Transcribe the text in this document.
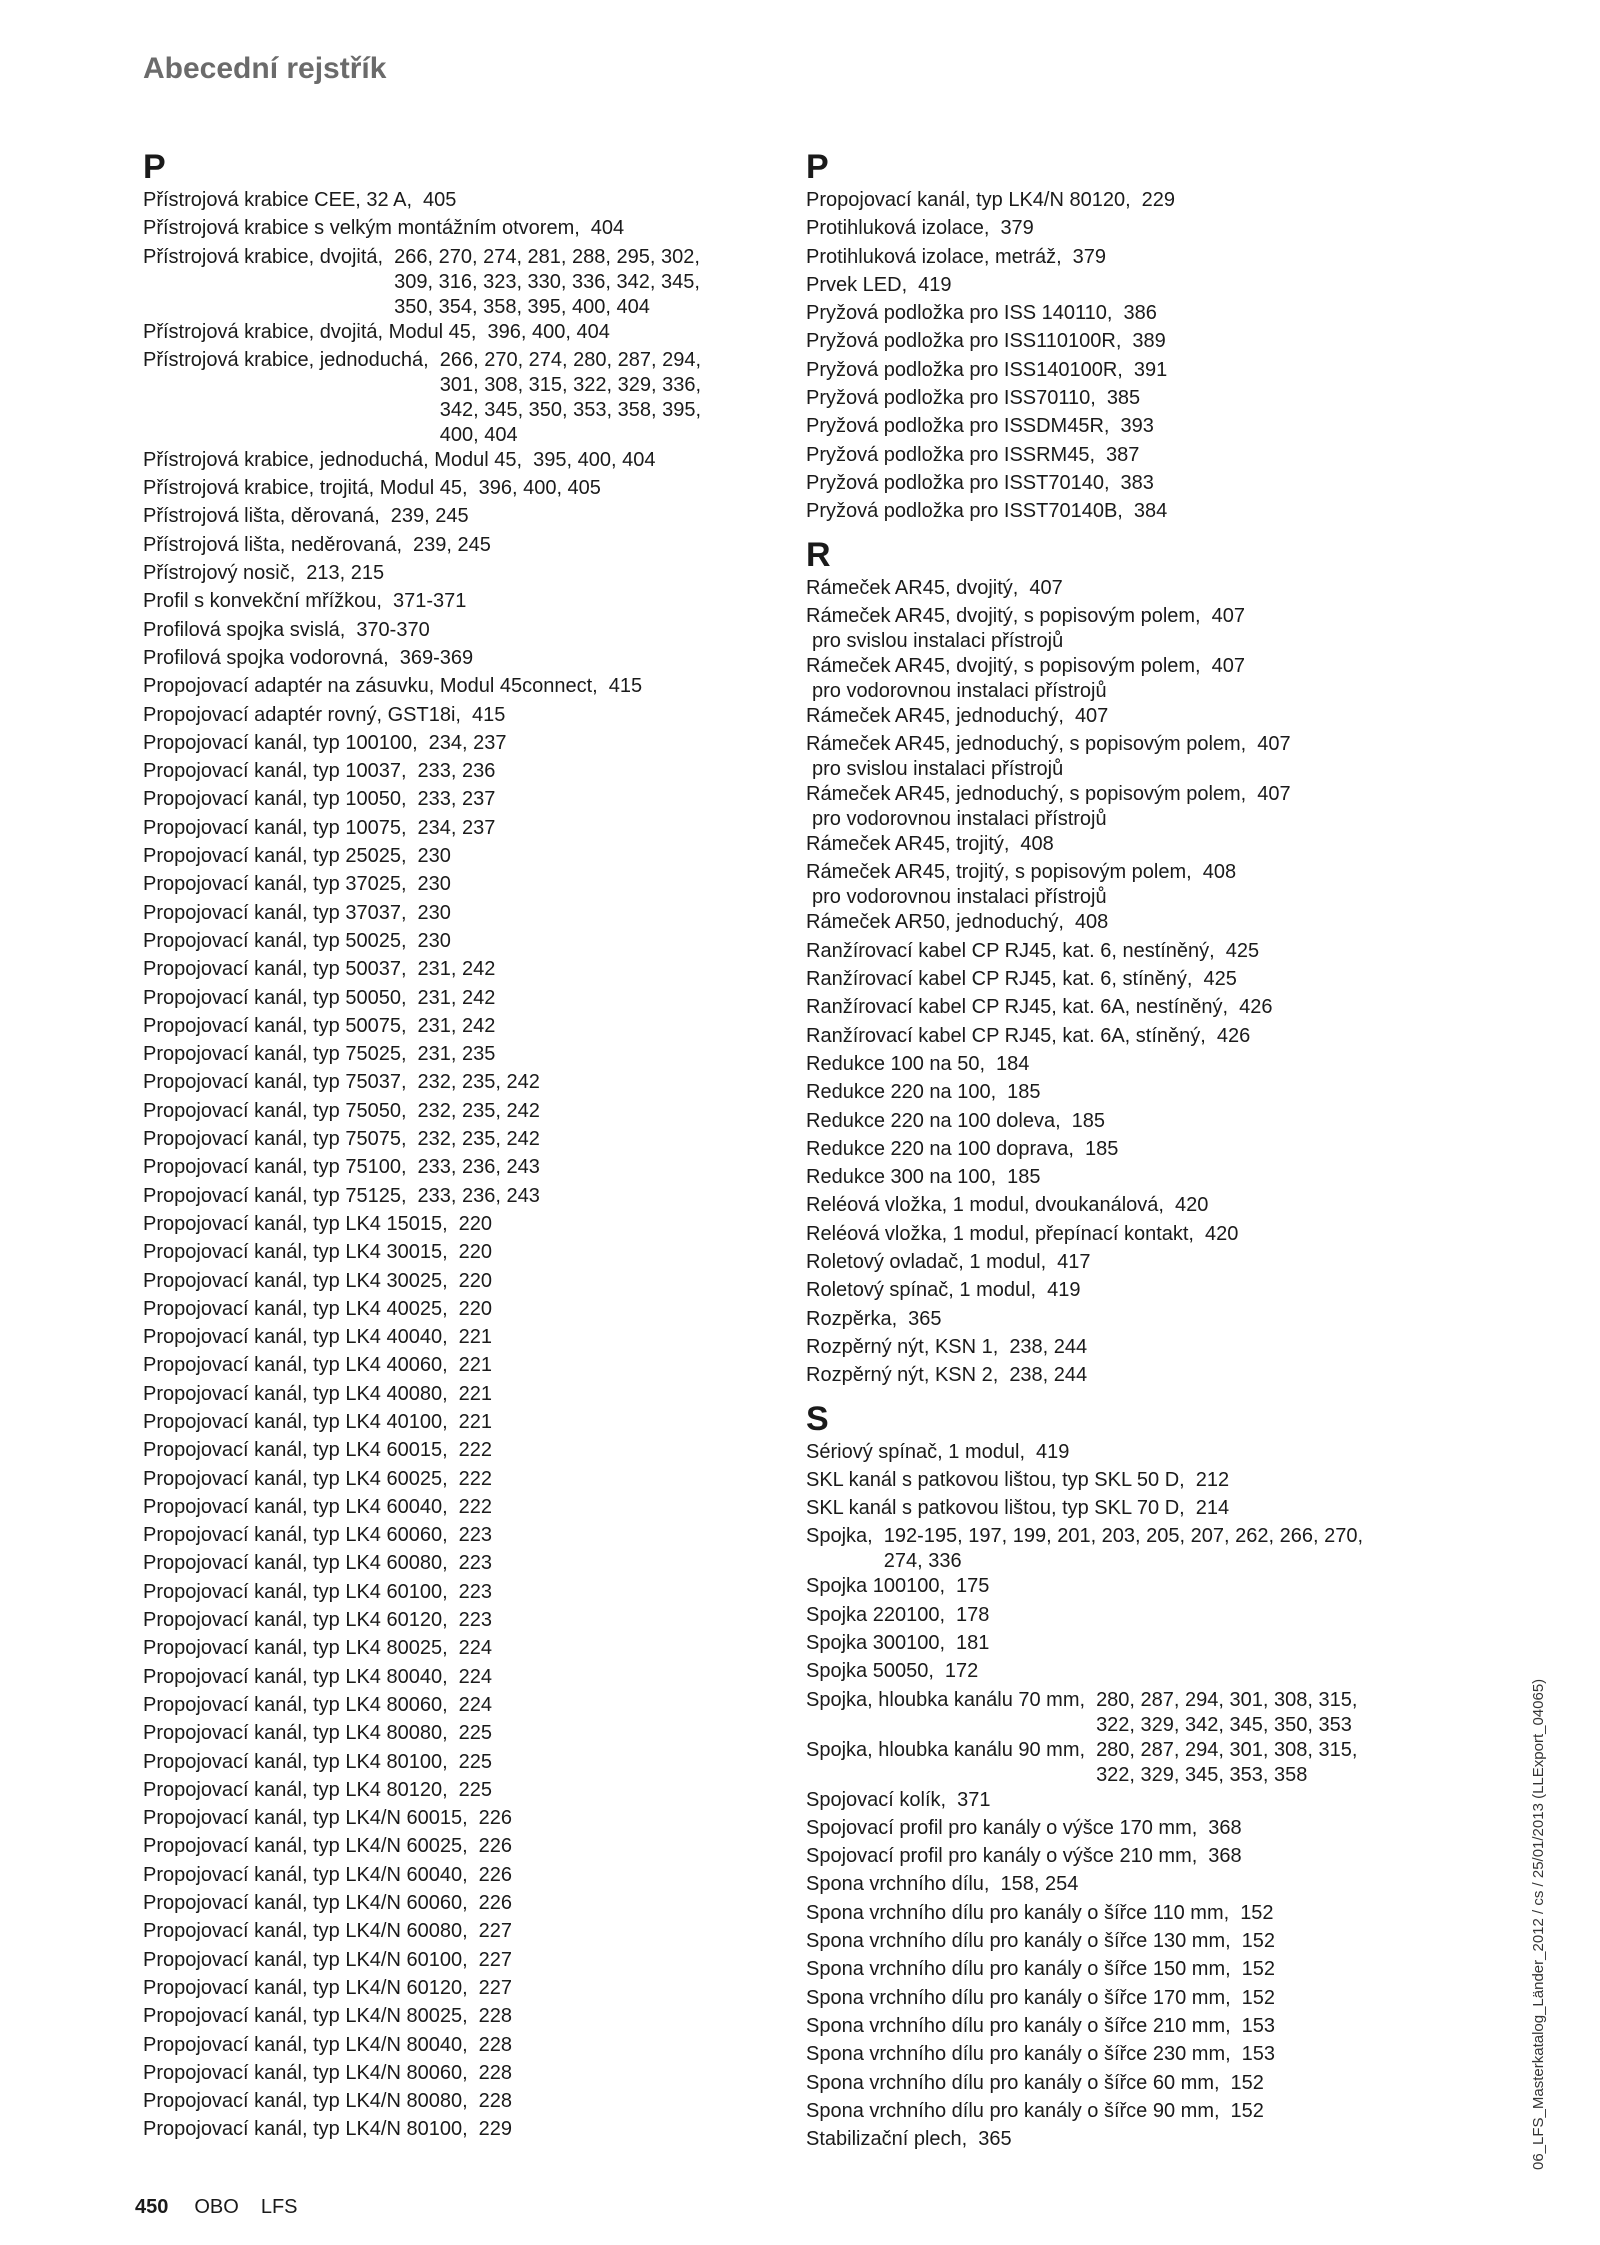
Abecední rejstřík
P
Přístrojová krabice CEE, 32 A, 405
Přístrojová krabice s velkým montážním otvorem, 404
Přístrojová krabice, dvojitá, 266, 270, 274, 281, 288, 295, 302,
309, 316, 323, 330, 336, 342, 345,
350, 354, 358, 395, 400, 404
Přístrojová krabice, dvojitá, Modul 45, 396, 400, 404
Přístrojová krabice, jednoduchá, 266, 270, 274, 280, 287, 294,
301, 308, 315, 322, 329, 336,
342, 345, 350, 353, 358, 395,
400, 404
Přístrojová krabice, jednoduchá, Modul 45, 395, 400, 404
Přístrojová krabice, trojitá, Modul 45, 396, 400, 405
Přístrojová lišta, děrovaná, 239, 245
Přístrojová lišta, neděrovaná, 239, 245
Přístrojový nosič, 213, 215
Profil s konvekční mřížkou, 371-371
Profilová spojka svislá, 370-370
Profilová spojka vodorovná, 369-369
Propojovací adaptér na zásuvku, Modul 45connect, 415
Propojovací adaptér rovný, GST18i, 415
Propojovací kanál, typ 100100, 234, 237
Propojovací kanál, typ 10037, 233, 236
Propojovací kanál, typ 10050, 233, 237
Propojovací kanál, typ 10075, 234, 237
Propojovací kanál, typ 25025, 230
Propojovací kanál, typ 37025, 230
Propojovací kanál, typ 37037, 230
Propojovací kanál, typ 50025, 230
Propojovací kanál, typ 50037, 231, 242
Propojovací kanál, typ 50050, 231, 242
Propojovací kanál, typ 50075, 231, 242
Propojovací kanál, typ 75025, 231, 235
Propojovací kanál, typ 75037, 232, 235, 242
Propojovací kanál, typ 75050, 232, 235, 242
Propojovací kanál, typ 75075, 232, 235, 242
Propojovací kanál, typ 75100, 233, 236, 243
Propojovací kanál, typ 75125, 233, 236, 243
Propojovací kanál, typ LK4 15015, 220
Propojovací kanál, typ LK4 30015, 220
Propojovací kanál, typ LK4 30025, 220
Propojovací kanál, typ LK4 40025, 220
Propojovací kanál, typ LK4 40040, 221
Propojovací kanál, typ LK4 40060, 221
Propojovací kanál, typ LK4 40080, 221
Propojovací kanál, typ LK4 40100, 221
Propojovací kanál, typ LK4 60015, 222
Propojovací kanál, typ LK4 60025, 222
Propojovací kanál, typ LK4 60040, 222
Propojovací kanál, typ LK4 60060, 223
Propojovací kanál, typ LK4 60080, 223
Propojovací kanál, typ LK4 60100, 223
Propojovací kanál, typ LK4 60120, 223
Propojovací kanál, typ LK4 80025, 224
Propojovací kanál, typ LK4 80040, 224
Propojovací kanál, typ LK4 80060, 224
Propojovací kanál, typ LK4 80080, 225
Propojovací kanál, typ LK4 80100, 225
Propojovací kanál, typ LK4 80120, 225
Propojovací kanál, typ LK4/N 60015, 226
Propojovací kanál, typ LK4/N 60025, 226
Propojovací kanál, typ LK4/N 60040, 226
Propojovací kanál, typ LK4/N 60060, 226
Propojovací kanál, typ LK4/N 60080, 227
Propojovací kanál, typ LK4/N 60100, 227
Propojovací kanál, typ LK4/N 60120, 227
Propojovací kanál, typ LK4/N 80025, 228
Propojovací kanál, typ LK4/N 80040, 228
Propojovací kanál, typ LK4/N 80060, 228
Propojovací kanál, typ LK4/N 80080, 228
Propojovací kanál, typ LK4/N 80100, 229
P
Propojovací kanál, typ LK4/N 80120, 229
Protihluková izolace, 379
Protihluková izolace, metráž, 379
Prvek LED, 419
Pryžová podložka pro ISS 140110, 386
Pryžová podložka pro ISS110100R, 389
Pryžová podložka pro ISS140100R, 391
Pryžová podložka pro ISS70110, 385
Pryžová podložka pro ISSDM45R, 393
Pryžová podložka pro ISSRM45, 387
Pryžová podložka pro ISST70140, 383
Pryžová podložka pro ISST70140B, 384
R
Rámeček AR45, dvojitý, 407
Rámeček AR45, dvojitý, s popisovým polem, 407
pro svislou instalaci přístrojů
Rámeček AR45, dvojitý, s popisovým polem, 407
pro vodorovnou instalaci přístrojů
Rámeček AR45, jednoduchý, 407
Rámeček AR45, jednoduchý, s popisovým polem, 407
pro svislou instalaci přístrojů
Rámeček AR45, jednoduchý, s popisovým polem, 407
pro vodorovnou instalaci přístrojů
Rámeček AR45, trojitý, 408
Rámeček AR45, trojitý, s popisovým polem, 408
pro vodorovnou instalaci přístrojů
Rámeček AR50, jednoduchý, 408
Ranžírovací kabel CP RJ45, kat. 6, nestíněný, 425
Ranžírovací kabel CP RJ45, kat. 6, stíněný, 425
Ranžírovací kabel CP RJ45, kat. 6A, nestíněný, 426
Ranžírovací kabel CP RJ45, kat. 6A, stíněný, 426
Redukce 100 na 50, 184
Redukce 220 na 100, 185
Redukce 220 na 100 doleva, 185
Redukce 220 na 100 doprava, 185
Redukce 300 na 100, 185
Reléová vložka, 1 modul, dvoukanálová, 420
Reléová vložka, 1 modul, přepínací kontakt, 420
Roletový ovladač, 1 modul, 417
Roletový spínač, 1 modul, 419
Rozpěrka, 365
Rozpěrný nýt, KSN 1, 238, 244
Rozpěrný nýt, KSN 2, 238, 244
S
Sériový spínač, 1 modul, 419
SKL kanál s patkovou lištou, typ SKL 50 D, 212
SKL kanál s patkovou lištou, typ SKL 70 D, 214
Spojka, 192-195, 197, 199, 201, 203, 205, 207, 262, 266, 270,
274, 336
Spojka 100100, 175
Spojka 220100, 178
Spojka 300100, 181
Spojka 50050, 172
Spojka, hloubka kanálu 70 mm, 280, 287, 294, 301, 308, 315,
322, 329, 342, 345, 350, 353
Spojka, hloubka kanálu 90 mm, 280, 287, 294, 301, 308, 315,
322, 329, 345, 353, 358
Spojovací kolík, 371
Spojovací profil pro kanály o výšce 170 mm, 368
Spojovací profil pro kanály o výšce 210 mm, 368
Spona vrchního dílu, 158, 254
Spona vrchního dílu pro kanály o šířce 110 mm, 152
Spona vrchního dílu pro kanály o šířce 130 mm, 152
Spona vrchního dílu pro kanály o šířce 150 mm, 152
Spona vrchního dílu pro kanály o šířce 170 mm, 152
Spona vrchního dílu pro kanály o šířce 210 mm, 153
Spona vrchního dílu pro kanály o šířce 230 mm, 153
Spona vrchního dílu pro kanály o šířce 60 mm, 152
Spona vrchního dílu pro kanály o šířce 90 mm, 152
Stabilizační plech, 365
450 OBO LFS
06_LFS_Masterkatalog_Länder_2012 / cs / 25/01/2013 (LLExport_04065)
